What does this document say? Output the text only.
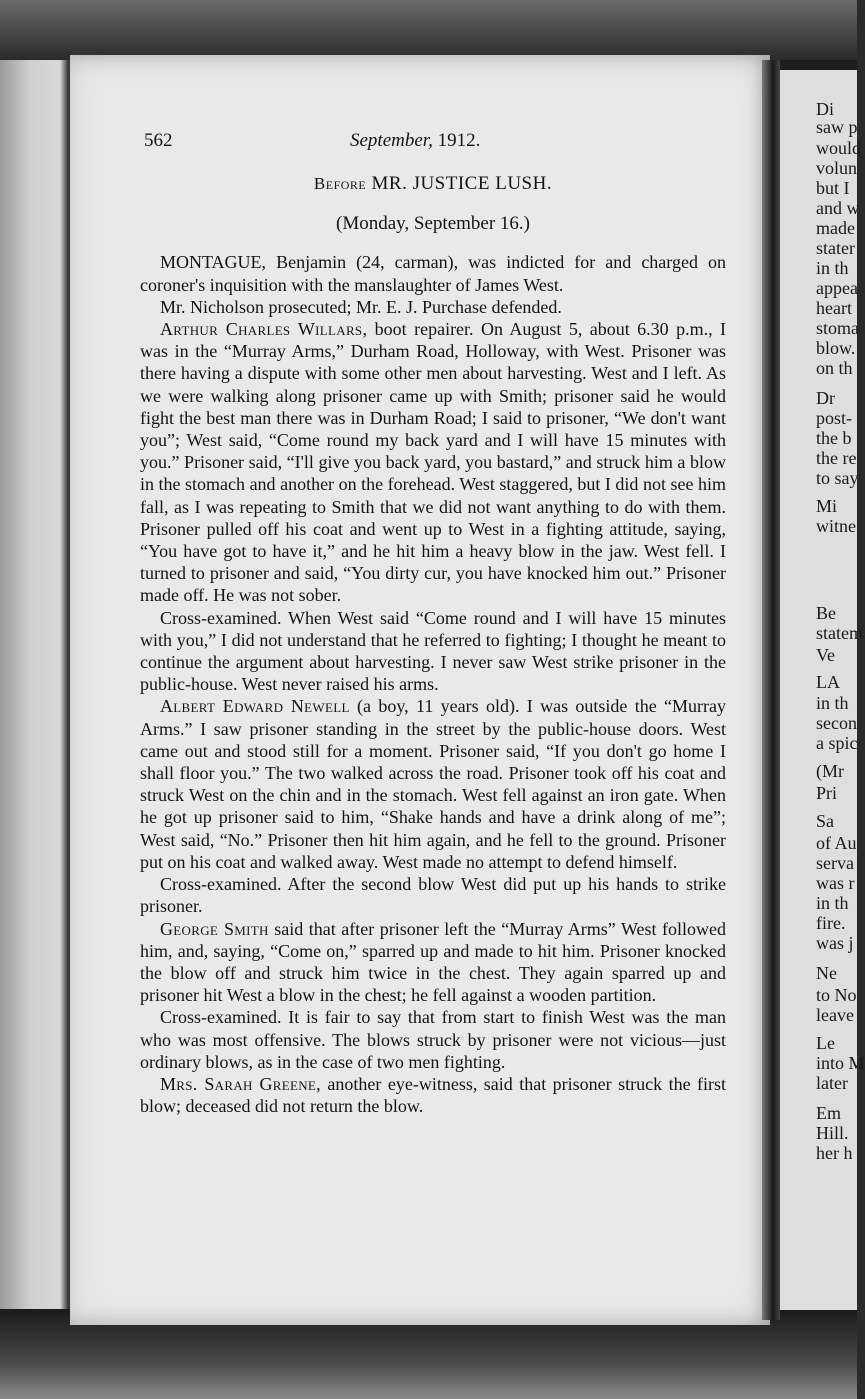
Di
saw p
would
volun
but I
and w
made
stater
in th
appea
heart
stoma
blow.
on th
Dr
post-
the b
the re
to say
Mi
witne
Be
statem
Ve
LA
in th
secon
a spic
(Mr
Pri
Sa
of Au
serva
was r
in th
fire.
was j
Ne
to No
leave
Le
into M
later
Em
Hill.
her h
562	September, 1912.
Before MR. JUSTICE LUSH.
(Monday, September 16.)

MONTAGUE, Benjamin (24, carman), was indicted for and charged on coroner's inquisition with the manslaughter of James West.

Mr. Nicholson prosecuted; Mr. E. J. Purchase defended.

Arthur Charles Willars, boot repairer. On August 5, about 6.30 p.m., I was in the “Murray Arms,” Durham Road, Holloway, with West. Prisoner was there having a dispute with some other men about harvesting. West and I left. As we were walking along prisoner came up with Smith; prisoner said he would fight the best man there was in Durham Road; I said to prisoner, “We don't want you”; West said, “Come round my back yard and I will have 15 minutes with you.” Prisoner said, “I'll give you back yard, you bastard,” and struck him a blow in the stomach and another on the forehead. West staggered, but I did not see him fall, as I was repeating to Smith that we did not want anything to do with them. Prisoner pulled off his coat and went up to West in a fighting attitude, saying, “You have got to have it,” and he hit him a heavy blow in the jaw. West fell. I turned to prisoner and said, “You dirty cur, you have knocked him out.” Prisoner made off. He was not sober.

Cross-examined. When West said “Come round and I will have 15 minutes with you,” I did not understand that he referred to fighting; I thought he meant to continue the argument about harvesting. I never saw West strike prisoner in the public-house. West never raised his arms.

Albert Edward Newell (a boy, 11 years old). I was outside the “Murray Arms.” I saw prisoner standing in the street by the public-house doors. West came out and stood still for a moment. Prisoner said, “If you don't go home I shall floor you.” The two walked across the road. Prisoner took off his coat and struck West on the chin and in the stomach. West fell against an iron gate. When he got up prisoner said to him, “Shake hands and have a drink along of me”; West said, “No.” Prisoner then hit him again, and he fell to the ground. Prisoner put on his coat and walked away. West made no attempt to defend himself.

Cross-examined. After the second blow West did put up his hands to strike prisoner.

George Smith said that after prisoner left the “Murray Arms” West followed him, and, saying, “Come on,” sparred up and made to hit him. Prisoner knocked the blow off and struck him twice in the chest. They again sparred up and prisoner hit West a blow in the chest; he fell against a wooden partition.

Cross-examined. It is fair to say that from start to finish West was the man who was most offensive. The blows struck by prisoner were not vicious—just ordinary blows, as in the case of two men fighting.

Mrs. Sarah Greene, another eye-witness, said that prisoner struck the first blow; deceased did not return the blow.
